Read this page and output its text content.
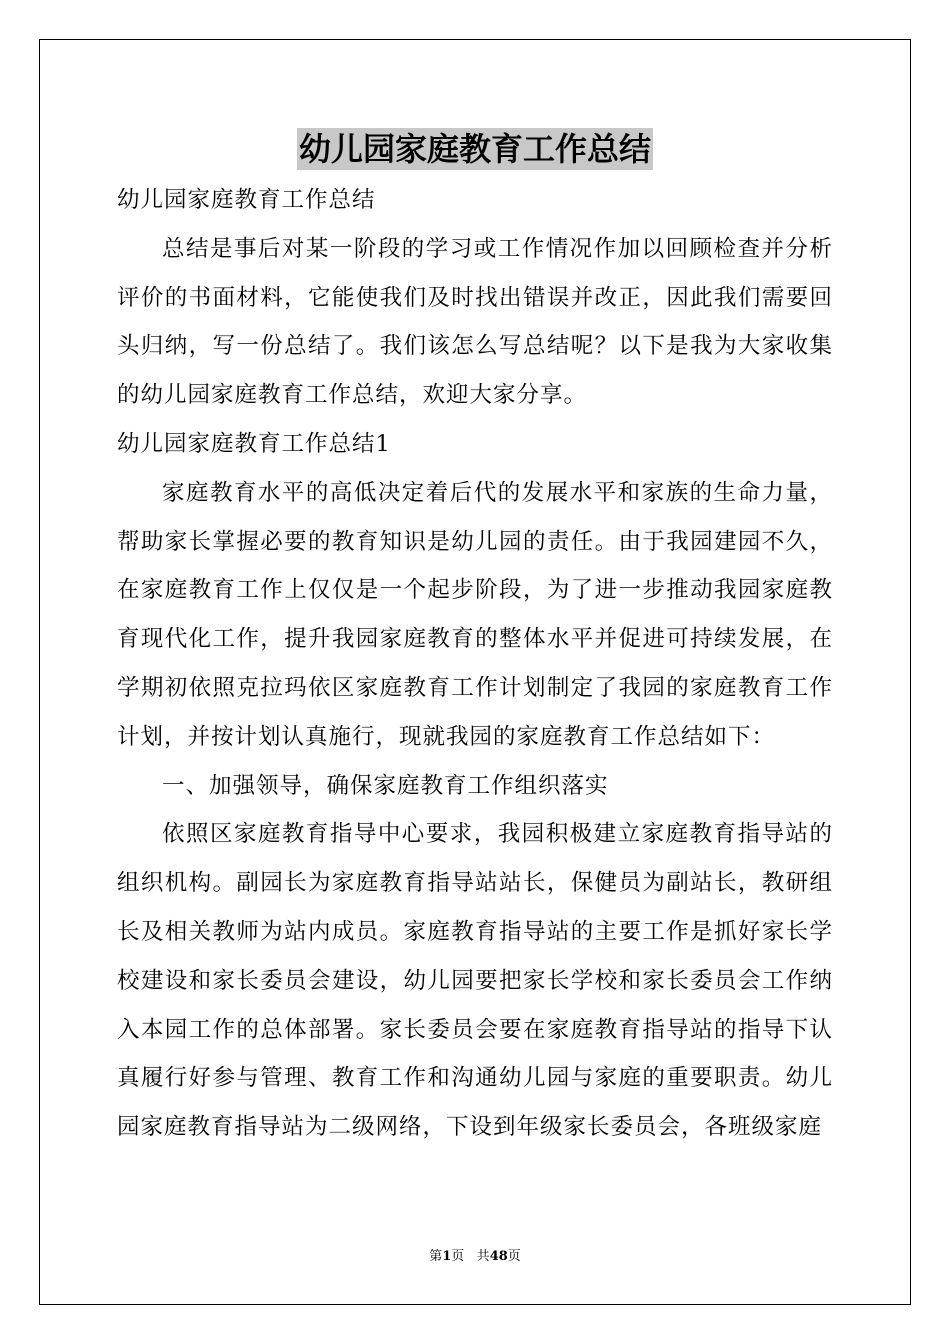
幼儿园家庭教育工作总结

幼儿园家庭教育工作总结

总结是事后对某一阶段的学习或工作情况作加以回顾检查并分析评价的书面材料，它能使我们及时找出错误并改正，因此我们需要回头归纳，写一份总结了。我们该怎么写总结呢？以下是我为大家收集的幼儿园家庭教育工作总结，欢迎大家分享。

幼儿园家庭教育工作总结1

家庭教育水平的高低决定着后代的发展水平和家族的生命力量，帮助家长掌握必要的教育知识是幼儿园的责任。由于我园建园不久，在家庭教育工作上仅仅是一个起步阶段，为了进一步推动我园家庭教育现代化工作，提升我园家庭教育的整体水平并促进可持续发展，在学期初依照克拉玛依区家庭教育工作计划制定了我园的家庭教育工作计划，并按计划认真施行，现就我园的家庭教育工作总结如下：

一、加强领导，确保家庭教育工作组织落实

依照区家庭教育指导中心要求，我园积极建立家庭教育指导站的组织机构。副园长为家庭教育指导站站长，保健员为副站长，教研组长及相关教师为站内成员。家庭教育指导站的主要工作是抓好家长学校建设和家长委员会建设，幼儿园要把家长学校和家长委员会工作纳入本园工作的总体部署。家长委员会要在家庭教育指导站的指导下认真履行好参与管理、教育工作和沟通幼儿园与家庭的重要职责。幼儿园家庭教育指导站为二级网络，下设到年级家长委员会，各班级家庭

第1页 共48页
